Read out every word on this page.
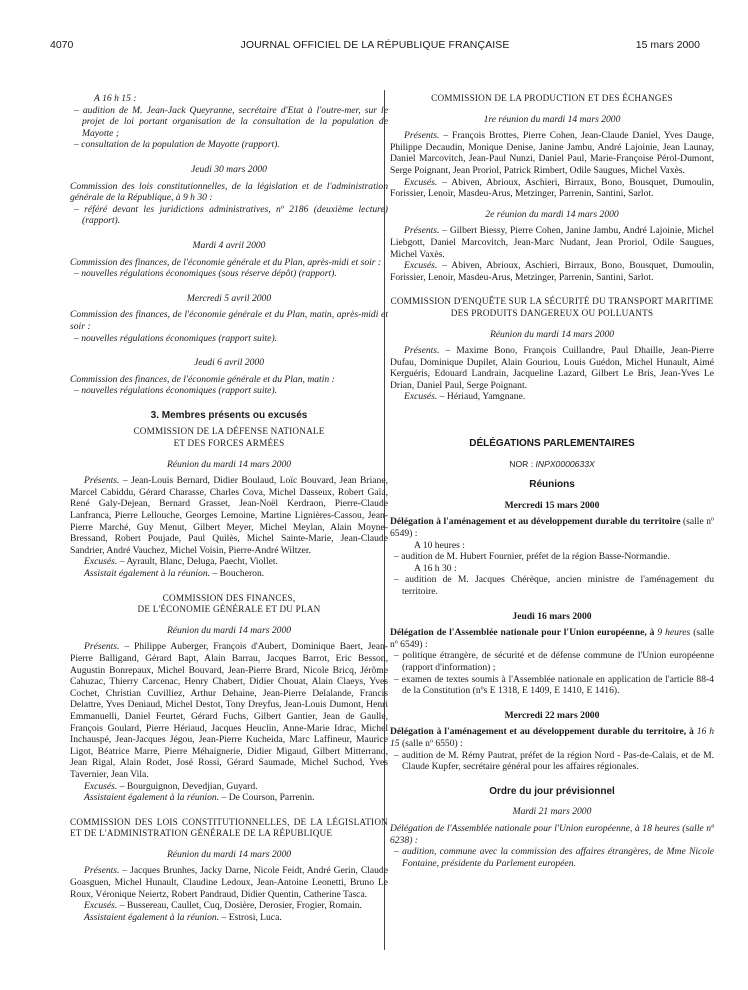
4070	JOURNAL OFFICIEL DE LA RÉPUBLIQUE FRANÇAISE	15 mars 2000

A 16 h 15 :

– audition de M. Jean-Jack Queyranne, secrétaire d'Etat à l'outre-mer, sur le projet de loi portant organisation de la consultation de la population de Mayotte ;

– consultation de la population de Mayotte (rapport).

Jeudi 30 mars 2000

Commission des lois constitutionnelles, de la législation et de l'administration générale de la République, à 9 h 30 :

– référé devant les juridictions administratives, nº 2186 (deuxième lecture) (rapport).

Mardi 4 avril 2000

Commission des finances, de l'économie générale et du Plan, après-midi et soir :

– nouvelles régulations économiques (sous réserve dépôt) (rapport).

Mercredi 5 avril 2000

Commission des finances, de l'économie générale et du Plan, matin, après-midi et soir :

– nouvelles régulations économiques (rapport suite).

Jeudi 6 avril 2000

Commission des finances, de l'économie générale et du Plan, matin :

– nouvelles régulations économiques (rapport suite).

3. Membres présents ou excusés

COMMISSION DE LA DÉFENSE NATIONALE

ET DES FORCES ARMÉES

Réunion du mardi 14 mars 2000

Présents. – Jean-Louis Bernard, Didier Boulaud, Loïc Bouvard, Jean Briane, Marcel Cabiddu, Gérard Charasse, Charles Cova, Michel Dasseux, Robert Gaïa, René Galy-Dejean, Bernard Grasset, Jean-Noël Kerdraon, Pierre-Claude Lanfranca, Pierre Lellouche, Georges Lemoine, Martine Lignières-Cassou, Jean-Pierre Marché, Guy Menut, Gilbert Meyer, Michel Meylan, Alain Moyne-Bressand, Robert Poujade, Paul Quilès, Michel Sainte-Marie, Jean-Claude Sandrier, André Vauchez, Michel Voisin, Pierre-André Wiltzer.

Excusés. – Ayrault, Blanc, Deluga, Paecht, Viollet.

Assistait également à la réunion. – Boucheron.

COMMISSION DES FINANCES,

DE L'ÉCONOMIE GÉNÉRALE ET DU PLAN

Réunion du mardi 14 mars 2000

Présents. – Philippe Auberger, François d'Aubert, Dominique Baert, Jean-Pierre Balligand, Gérard Bapt, Alain Barrau, Jacques Barrot, Eric Besson, Augustin Bonrepaux, Michel Bouvard, Jean-Pierre Brard, Nicole Bricq, Jérôme Cahuzac, Thierry Carcenac, Henry Chabert, Didier Chouat, Alain Claeys, Yves Cochet, Christian Cuvilliez, Arthur Dehaine, Jean-Pierre Delalande, Francis Delattre, Yves Deniaud, Michel Destot, Tony Dreyfus, Jean-Louis Dumont, Henri Emmanuelli, Daniel Feurtet, Gérard Fuchs, Gilbert Gantier, Jean de Gaulle, François Goulard, Pierre Hériaud, Jacques Heuclin, Anne-Marie Idrac, Michel Inchauspé, Jean-Jacques Jégou, Jean-Pierre Kucheida, Marc Laffineur, Maurice Ligot, Béatrice Marre, Pierre Méhaignerie, Didier Migaud, Gilbert Mitterrand, Jean Rigal, Alain Rodet, José Rossi, Gérard Saumade, Michel Suchod, Yves Tavernier, Jean Vila.

Excusés. – Bourguignon, Devedjian, Guyard.

Assistaient également à la réunion. – De Courson, Parrenin.

COMMISSION DES LOIS CONSTITUTIONNELLES, DE LA LÉGISLATION ET DE L'ADMINISTRATION GÉNÉRALE DE LA RÉPUBLIQUE

Réunion du mardi 14 mars 2000

Présents. – Jacques Brunhes, Jacky Darne, Nicole Feidt, André Gerin, Claude Goasguen, Michel Hunault, Claudine Ledoux, Jean-Antoine Leonetti, Bruno Le Roux, Véronique Neiertz, Robert Pandraud, Didier Quentin, Catherine Tasca.

Excusés. – Bussereau, Caullet, Cuq, Dosière, Derosier, Frogier, Romain.

Assistaient également à la réunion. – Estrosi, Luca.

COMMISSION DE LA PRODUCTION ET DES ÉCHANGES

1re réunion du mardi 14 mars 2000

Présents. – François Brottes, Pierre Cohen, Jean-Claude Daniel, Yves Dauge, Philippe Decaudin, Monique Denise, Janine Jambu, André Lajoinie, Jean Launay, Daniel Marcovitch, Jean-Paul Nunzi, Daniel Paul, Marie-Françoise Pérol-Dumont, Serge Poignant, Jean Proriol, Patrick Rimbert, Odile Saugues, Michel Vaxès.

Excusés. – Abiven, Abrioux, Aschieri, Birraux, Bono, Bousquet, Dumoulin, Forissier, Lenoir, Masdeu-Arus, Metzinger, Parrenin, Santini, Sarlot.

2e réunion du mardi 14 mars 2000

Présents. – Gilbert Biessy, Pierre Cohen, Janine Jambu, André Lajoinie, Michel Liebgott, Daniel Marcovitch, Jean-Marc Nudant, Jean Proriol, Odile Saugues, Michel Vaxès.

Excusés. – Abiven, Abrioux, Aschieri, Birraux, Bono, Bousquet, Dumoulin, Forissier, Lenoir, Masdeu-Arus, Metzinger, Parrenin, Santini, Sarlot.

COMMISSION D'ENQUÊTE SUR LA SÉCURITÉ DU TRANSPORT MARITIME DES PRODUITS DANGEREUX OU POLLUANTS

Réunion du mardi 14 mars 2000

Présents. – Maxime Bono, François Cuillandre, Paul Dhaille, Jean-Pierre Dufau, Dominique Dupilet, Alain Gouriou, Louis Guédon, Michel Hunault, Aimé Kerguéris, Edouard Landrain, Jacqueline Lazard, Gilbert Le Bris, Jean-Yves Le Drian, Daniel Paul, Serge Poignant.

Excusés. – Hériaud, Yamgnane.

DÉLÉGATIONS PARLEMENTAIRES

NOR : INPX0000633X

Réunions

Mercredi 15 mars 2000

Délégation à l'aménagement et au développement durable du territoire (salle nº 6549) :

A 10 heures :

– audition de M. Hubert Fournier, préfet de la région Basse-Normandie.

A 16 h 30 :

– audition de M. Jacques Chérèque, ancien ministre de l'aménagement du territoire.

Jeudi 16 mars 2000

Délégation de l'Assemblée nationale pour l'Union européenne, à 9 heures (salle nº 6549) :

– politique étrangère, de sécurité et de défense commune de l'Union européenne (rapport d'information) ;

– examen de textes soumis à l'Assemblée nationale en application de l'article 88-4 de la Constitution (nºs E 1318, E 1409, E 1410, E 1416).

Mercredi 22 mars 2000

Délégation à l'aménagement et au développement durable du territoire, à 16 h 15 (salle nº 6550) :

– audition de M. Rémy Pautrat, préfet de la région Nord - Pas-de-Calais, et de M. Claude Kupfer, secrétaire général pour les affaires régionales.

Ordre du jour prévisionnel

Mardi 21 mars 2000

Délégation de l'Assemblée nationale pour l'Union européenne, à 18 heures (salle nº 6238) :

– audition, commune avec la commission des affaires étrangères, de Mme Nicole Fontaine, présidente du Parlement européen.
